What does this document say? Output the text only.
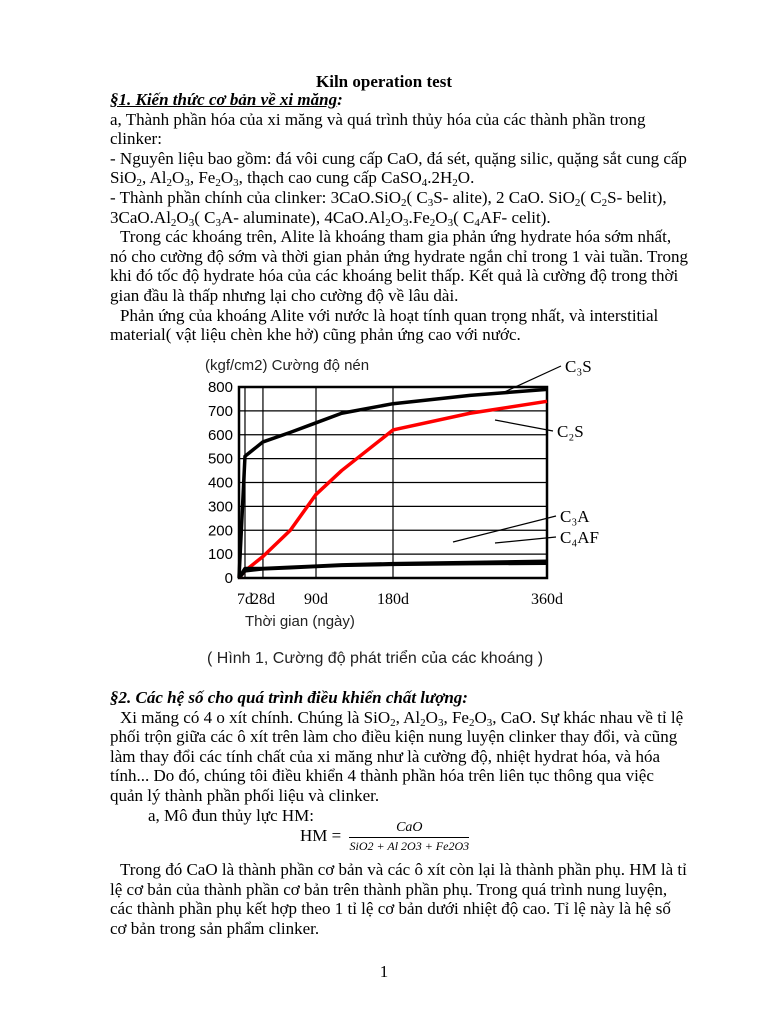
Kiln operation test

§1. Kiến thức cơ bản về xi măng:

a, Thành phần hóa của xi măng và quá trình thủy hóa của các thành phần trong clinker:

- Nguyên liệu bao gồm: đá vôi cung cấp CaO, đá sét, quặng silic, quặng sắt cung cấp SiO$_2$, $Al_2O_3$, $Fe_2O_3$, thạch cao cung cấp $CaSO_4.2H_2O$.

- Thành phần chính của clinker: 3CaO.SiO$_2$( $C_3S-$ alite), 2 CaO. SiO$_2$( $C_2S-$ belit), $3CaO.Al_2O_3$( $C_3A-$ aluminate), $4CaO.Al_2O_3.Fe_2O_3$( $C_4AF-$ celit).

Trong các khoáng trên, Alite là khoáng tham gia phản ứng hydrate hóa sớm nhất, nó cho cường độ sớm và thời gian phản ứng hydrate ngắn chỉ trong 1 vài tuần. Trong khi đó tốc độ hydrate hóa của các khoáng belit thấp. Kết quả là cường độ trong thời gian đầu là thấp nhưng lại cho cường độ về lâu dài.

Phản ứng của khoáng Alite với nước là hoạt tính quan trọng nhất, và interstitial material( vật liệu chèn khe hở) cũng phản ứng cao với nước.

0
100
200
300
400
500
600
700
800
7d
28d 90d	180d	360d
(kgf/cm2) Cường độ nén
Thời gian (ngày)
C₃S
C₂S
C₃A
C₄AF
( Hình 1, Cường độ phát triển của các khoáng )

§2. Các hệ số cho quá trình điều khiển chất lượng:

Xi măng có 4 o xít chính. Chúng là SiO$_2$, $Al_2O_3$, $Fe_2O_3$, CaO. Sự khác nhau về tỉ lệ phối trộn giữa các ô xít trên làm cho điều kiện nung luyện clinker thay đổi, và cũng làm thay đổi các tính chất của xi măng như là cường độ, nhiệt hydrat hóa, và hóa tính... Do đó, chúng tôi điều khiển 4 thành phần hóa trên liên tục thông qua việc quản lý thành phần phối liệu và clinker.

a, Mô đun thủy lực HM:

HM = $\frac{\text{CaO}}{\text{SiO2 + Al 2O3 + Fe2O3}}$

Trong đó CaO là thành phần cơ bản và các ô xít còn lại là thành phần phụ. HM là tỉ lệ cơ bản của thành phần cơ bản trên thành phần phụ. Trong quá trình nung luyện, các thành phần phụ kết hợp theo 1 tỉ lệ cơ bản dưới nhiệt độ cao. Tỉ lệ này là hệ số cơ bản trong sản phẩm clinker.

1
